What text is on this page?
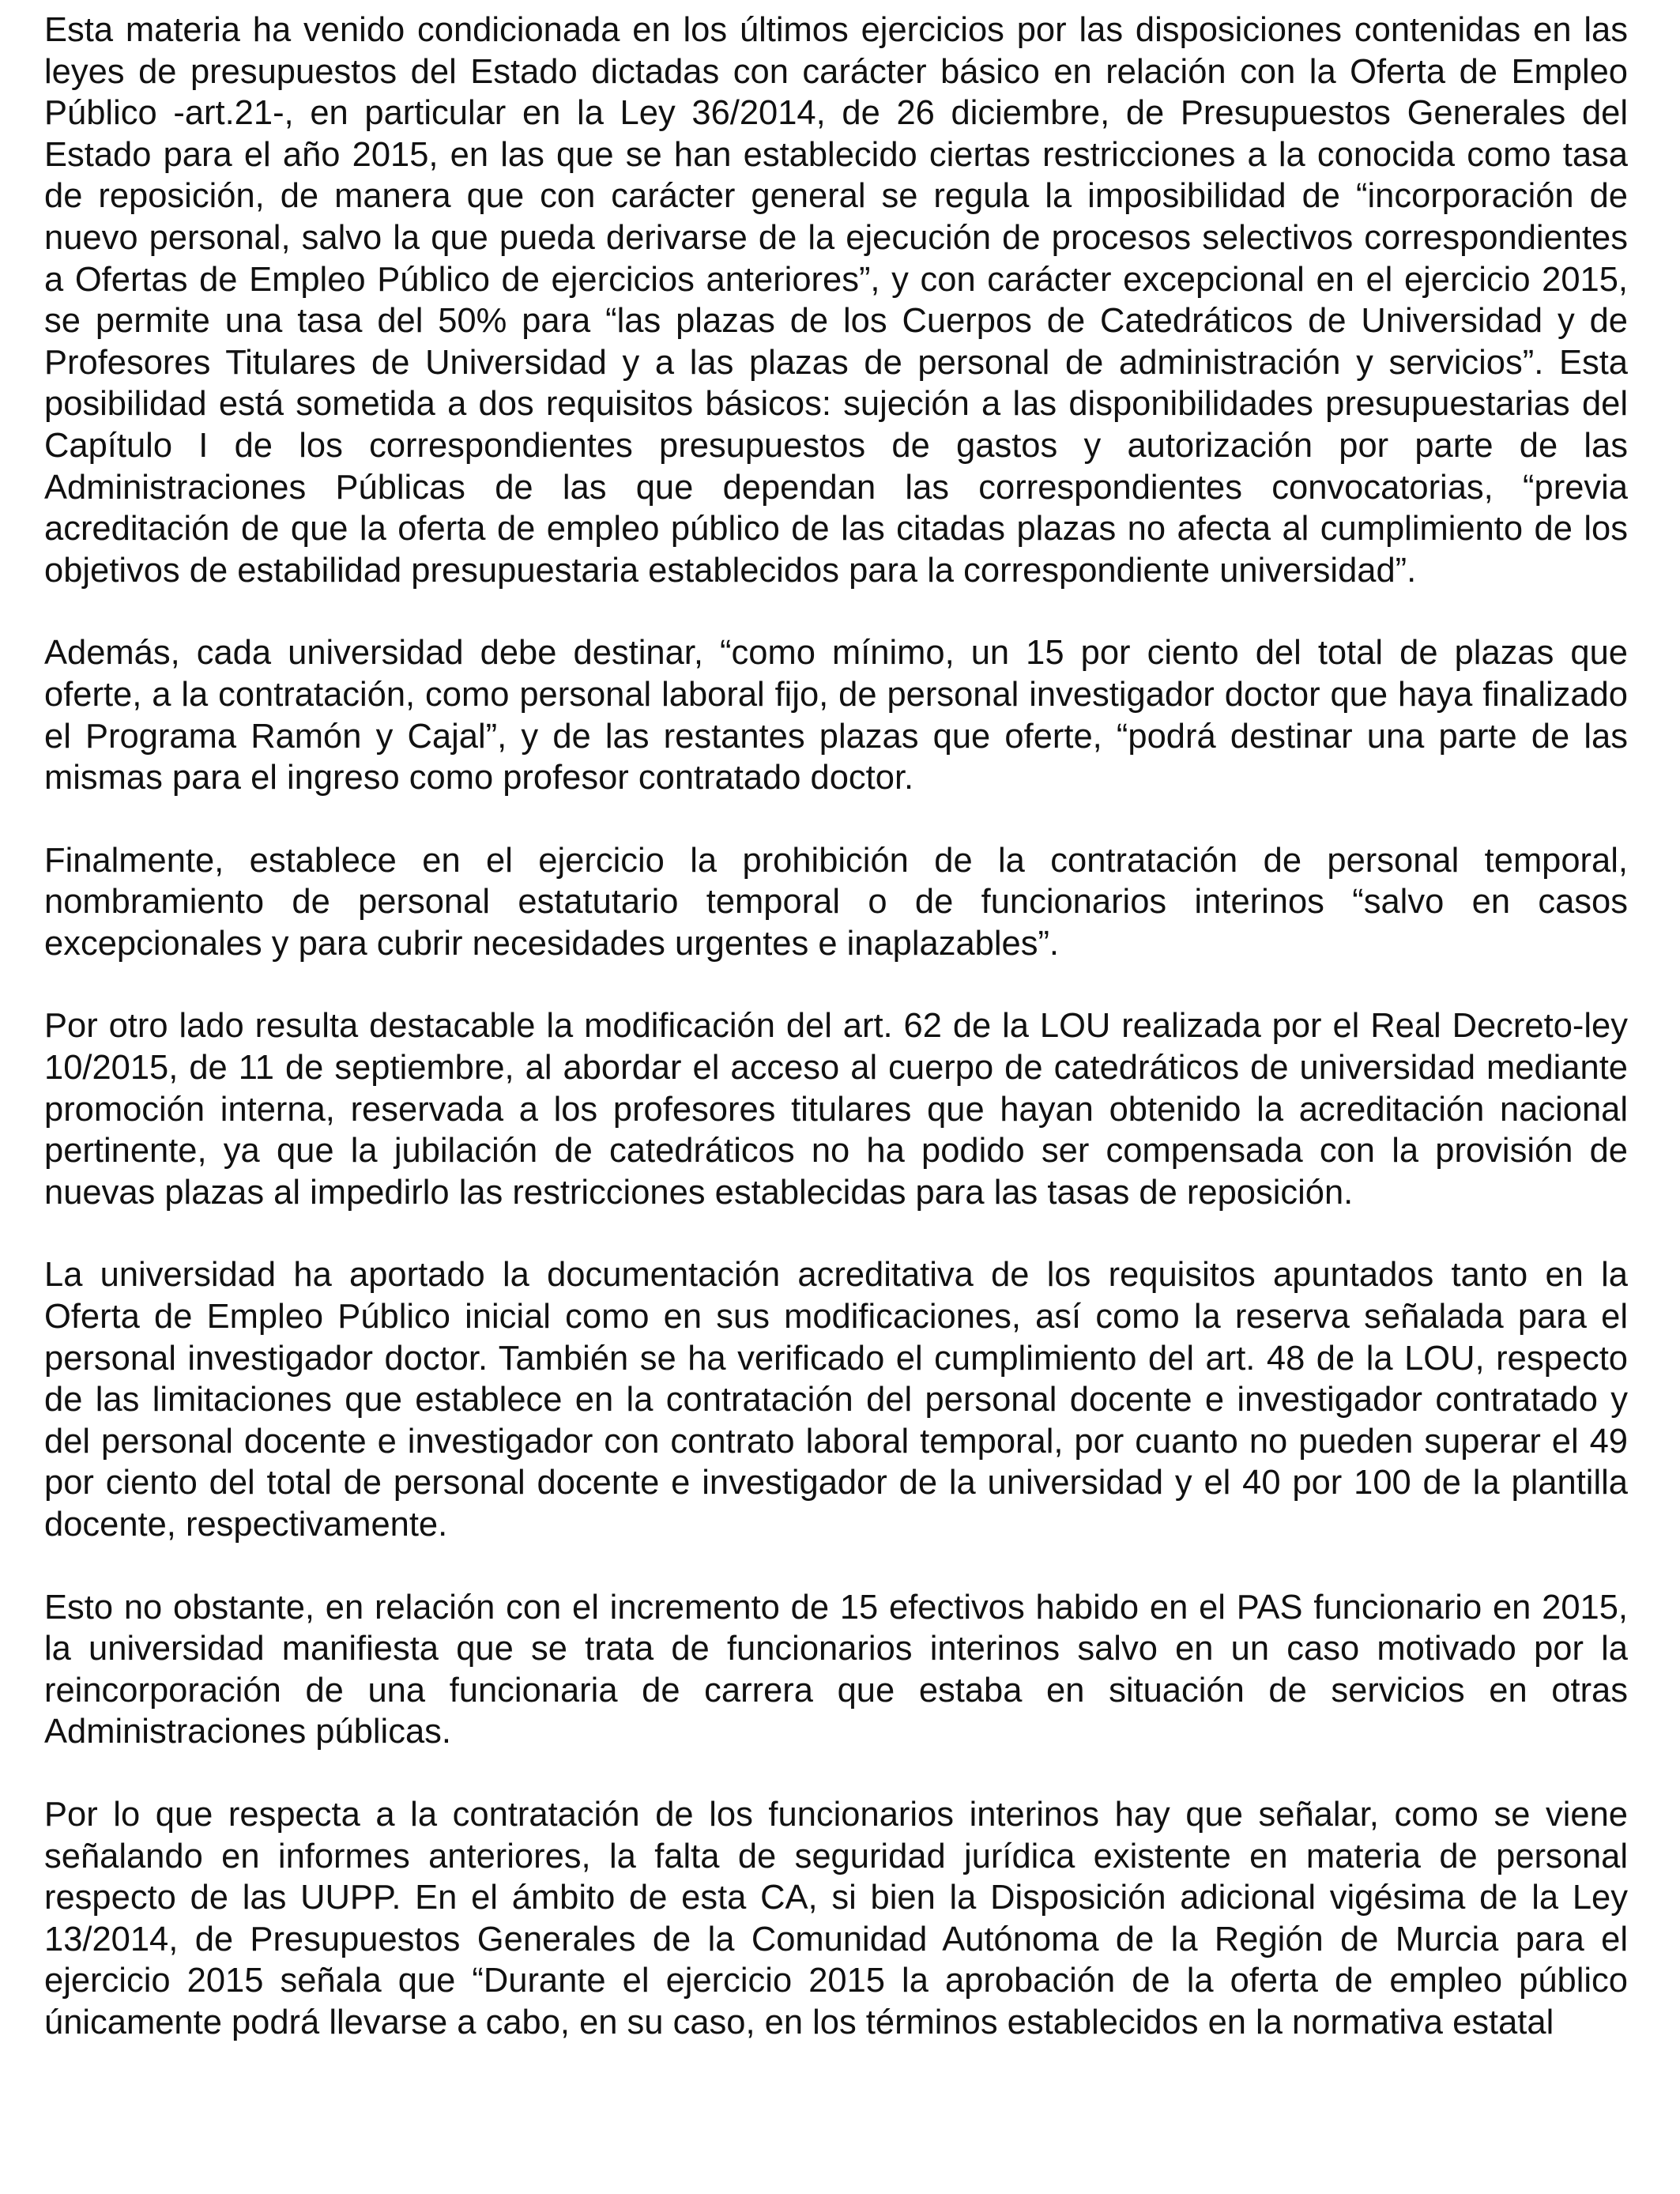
Esta materia ha venido condicionada en los últimos ejercicios por las disposiciones contenidas en las leyes de presupuestos del Estado dictadas con carácter básico en relación con la Oferta de Empleo Público -art.21-, en particular en la Ley 36/2014, de 26 diciembre, de Presupuestos Generales del Estado para el año 2015, en las que se han establecido ciertas restricciones a la conocida como tasa de reposición, de manera que con carácter general se regula la imposibilidad de “incorporación de nuevo personal, salvo la que pueda derivarse de la ejecución de procesos selectivos correspondientes a Ofertas de Empleo Público de ejercicios anteriores”, y con carácter excepcional en el ejercicio 2015, se permite una tasa del 50% para “las plazas de los Cuerpos de Catedráticos de Universidad y de Profesores Titulares de Universidad y a las plazas de personal de administración y servicios”. Esta posibilidad está sometida a dos requisitos básicos: sujeción a las disponibilidades presupuestarias del Capítulo I de los correspondientes presupuestos de gastos y autorización por parte de las Administraciones Públicas de las que dependan las correspondientes convocatorias, “previa acreditación de que la oferta de empleo público de las citadas plazas no afecta al cumplimiento de los objetivos de estabilidad presupuestaria establecidos para la correspondiente universidad”.

Además, cada universidad debe destinar, “como mínimo, un 15 por ciento del total de plazas que oferte, a la contratación, como personal laboral fijo, de personal investigador doctor que haya finalizado el Programa Ramón y Cajal”, y de las restantes plazas que oferte, “podrá destinar una parte de las mismas para el ingreso como profesor contratado doctor.

Finalmente, establece en el ejercicio la prohibición de la contratación de personal temporal, nombramiento de personal estatutario temporal o de funcionarios interinos “salvo en casos excepcionales y para cubrir necesidades urgentes e inaplazables”.

Por otro lado resulta destacable la modificación del art. 62 de la LOU realizada por el Real Decreto-ley 10/2015, de 11 de septiembre, al abordar el acceso al cuerpo de catedráticos de universidad mediante promoción interna, reservada a los profesores titulares que hayan obtenido la acreditación nacional pertinente, ya que la jubilación de catedráticos no ha podido ser compensada con la provisión de nuevas plazas al impedirlo las restricciones establecidas para las tasas de reposición.

La universidad ha aportado la documentación acreditativa de los requisitos apuntados tanto en la Oferta de Empleo Público inicial como en sus modificaciones, así como la reserva señalada para el personal investigador doctor. También se ha verificado el cumplimiento del art. 48 de la LOU, respecto de las limitaciones que establece en la contratación del personal docente e investigador contratado y del personal docente e investigador con contrato laboral temporal, por cuanto no pueden superar el 49 por ciento del total de personal docente e investigador de la universidad y el 40 por 100 de la plantilla docente, respectivamente.

Esto no obstante, en relación con el incremento de 15 efectivos habido en el PAS funcionario en 2015, la universidad manifiesta que se trata de funcionarios interinos salvo en un caso motivado por la reincorporación de una funcionaria de carrera que estaba en situación de servicios en otras Administraciones públicas.

Por lo que respecta a la contratación de los funcionarios interinos hay que señalar, como se viene señalando en informes anteriores, la falta de seguridad jurídica existente en materia de personal respecto de las UUPP. En el ámbito de esta CA, si bien la Disposición adicional vigésima de la Ley 13/2014, de Presupuestos Generales de la Comunidad Autónoma de la Región de Murcia para el ejercicio 2015 señala que “Durante el ejercicio 2015 la aprobación de la oferta de empleo público únicamente podrá llevarse a cabo, en su caso, en los términos establecidos en la normativa estatal
